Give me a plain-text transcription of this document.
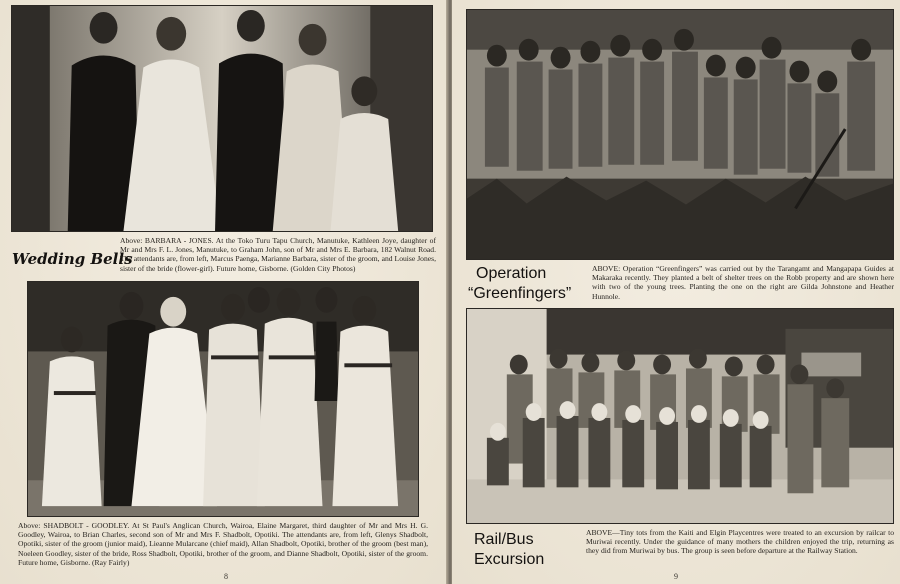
Wedding Bells
Above: BARBARA - JONES. At the Toko Turu Tapu Church, Manutuke, Kathleen Joye, daughter of Mr and Mrs F. L. Jones, Manutuke, to Graham John, son of Mr and Mrs E. Barbara, 182 Walnut Road. The attendants are, from left, Marcus Paenga, Marianne Barbara, sister of the groom, and Louise Jones, sister of the bride (flower-girl). Future home, Gisborne. (Golden City Photos)
Above: SHADBOLT - GOODLEY. At St Paul's Anglican Church, Wairoa, Elaine Margaret, third daughter of Mr and Mrs H. G. Goodley, Wairoa, to Brian Charles, second son of Mr and Mrs F. Shadbolt, Opotiki. The attendants are, from left, Glenys Shadbolt, Opotiki, sister of the groom (junior maid), Lieanne Mularcane (chief maid), Allan Shadbolt, Opotiki, brother of the groom (best man), Noeleen Goodley, sister of the bride, Ross Shadbolt, Opotiki, brother of the groom, and Dianne Shadbolt, Opotiki, sister of the groom. Future home, Gisborne. (Ray Fairly)
8
Operation
“Greenfingers”
ABOVE: Operation “Greenfingers” was carried out by the Tarangamt and Mangapapa Guides at Makaraka recently. They planted a belt of shelter trees on the Robb property and are shown here with two of the young trees. Planting the one on the right are Gilda Johnstone and Heather Hunnole.
Rail/Bus
Excursion
ABOVE—Tiny tots from the Kaiti and Elgin Playcentres were treated to an excursion by railcar to Muriwai recently. Under the guidance of many mothers the children enjoyed the trip, returning as they did from Muriwai by bus. The group is seen before departure at the Railway Station.
9
